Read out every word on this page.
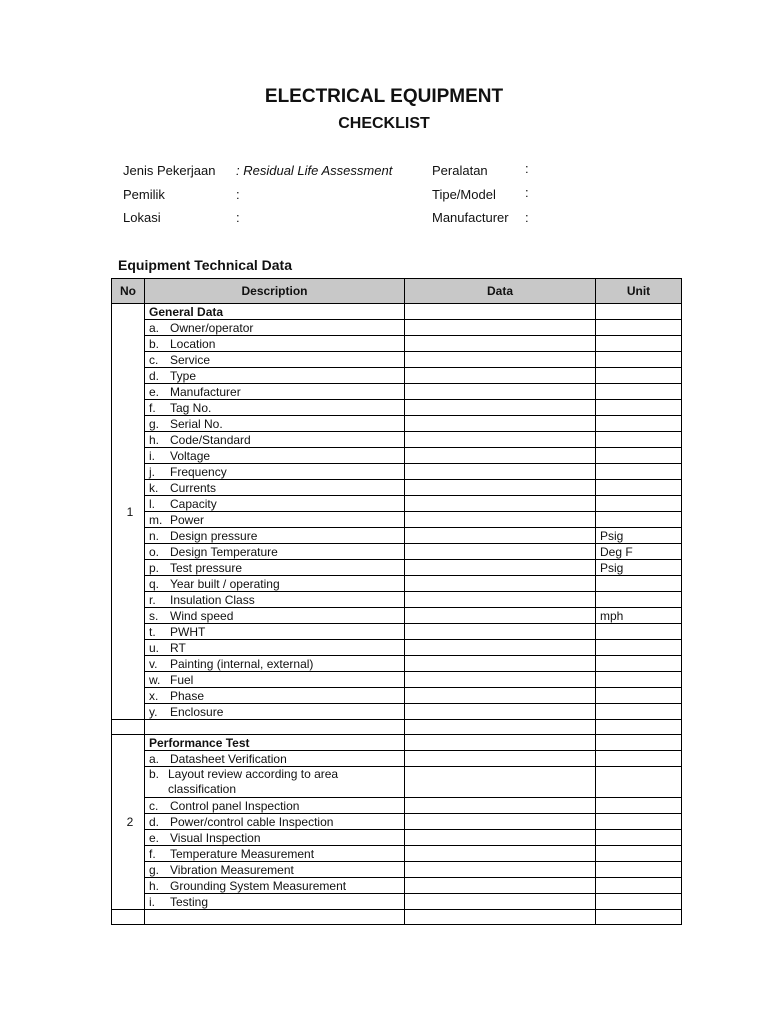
ELECTRICAL EQUIPMENT
CHECKLIST
Jenis Pekerjaan : Residual Life Assessment
Pemilik	:
Lokasi	:
Peralatan	:
Tipe/Model :
Manufacturer :
Equipment Technical Data
No	Description	Data	Unit
1	General Data		
	a. Owner/operator		
	b. Location		
	c. Service		
	d. Type		
	e. Manufacturer		
	f. Tag No.		
	g. Serial No.		
	h. Code/Standard		
	i. Voltage		
	j. Frequency		
	k. Currents		
	l. Capacity		
	m. Power		
	n. Design pressure		Psig
	o. Design Temperature		Deg F
	p. Test pressure		Psig
	q. Year built / operating		
	r. Insulation Class		
	s. Wind speed		mph
	t. PWHT		
	u. RT		
	v. Painting (internal, external)		
	w. Fuel		
	x. Phase		
	y. Enclosure		

2	Performance Test		
	a. Datasheet Verification		
	b. Layout review according to area classification		
	c. Control panel Inspection		
	d. Power/control cable Inspection		
	e. Visual Inspection		
	f. Temperature Measurement		
	g. Vibration Measurement		
	h. Grounding System Measurement		
	i. Testing		
